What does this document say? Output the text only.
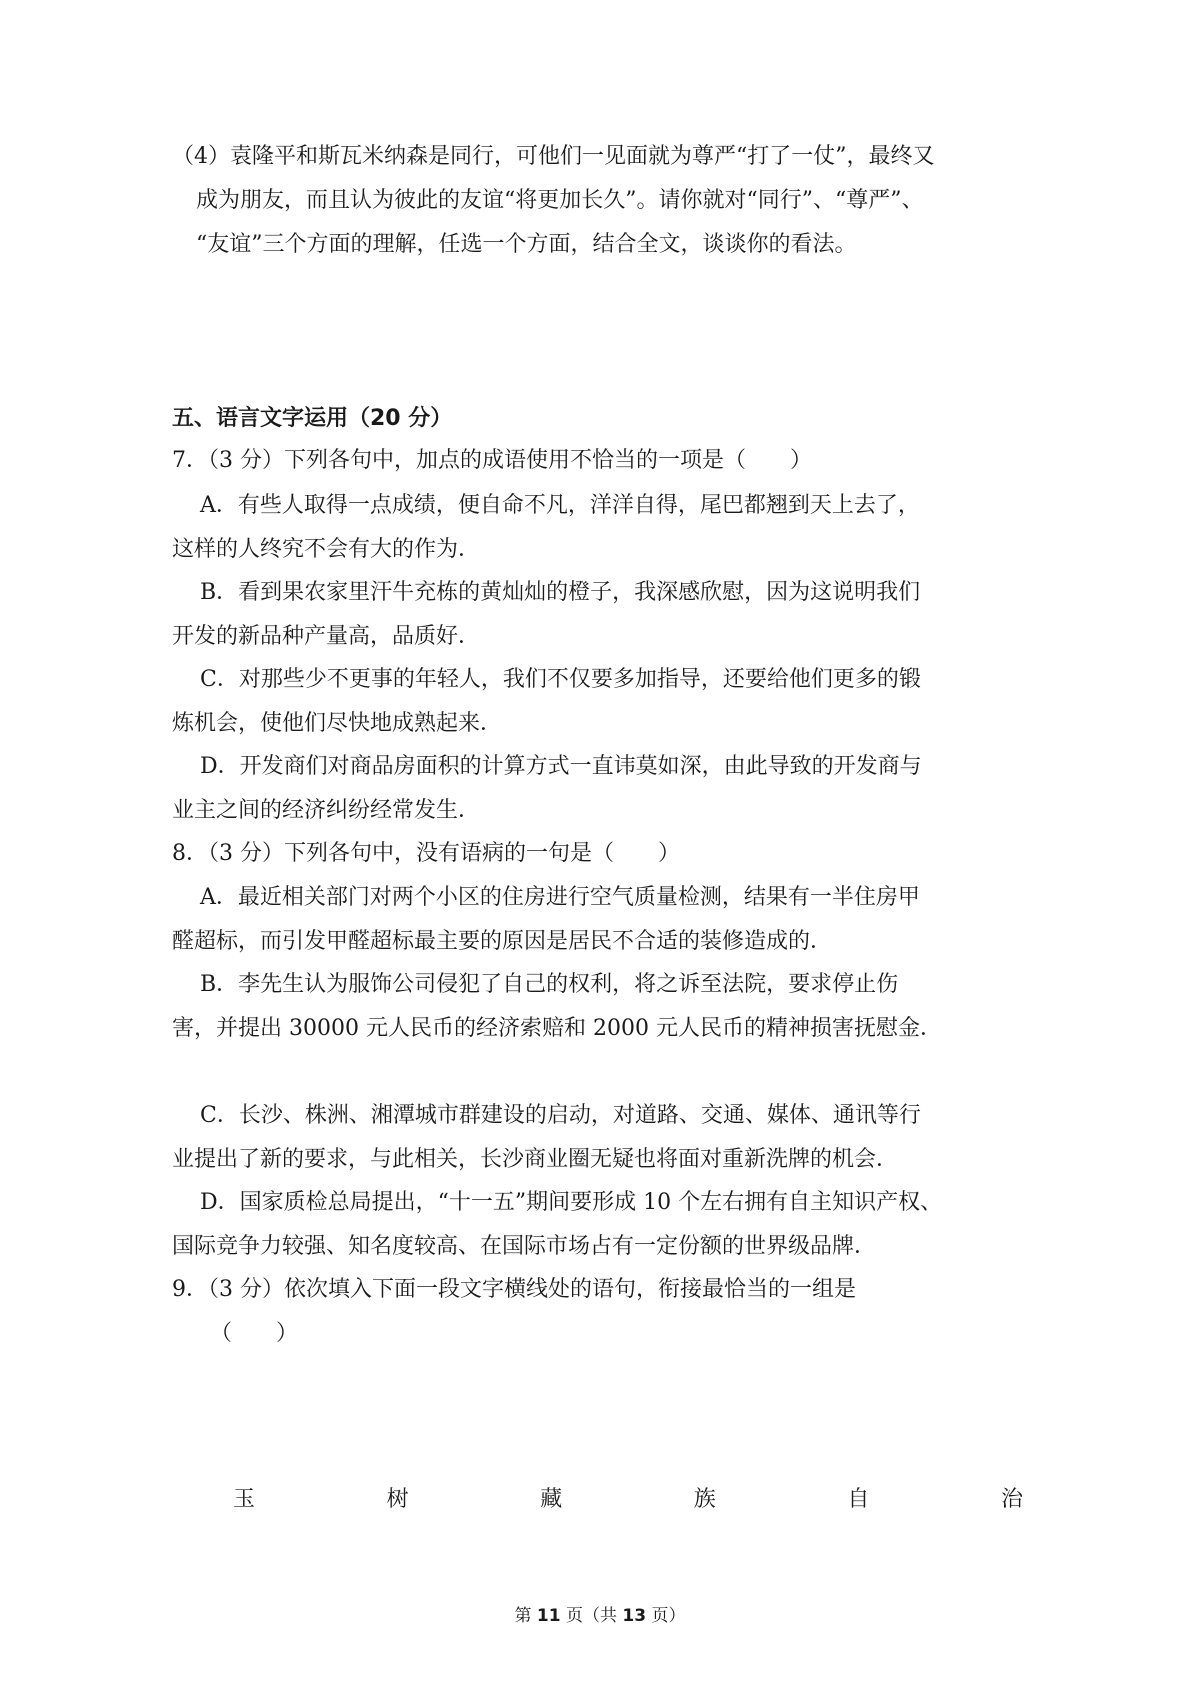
（4）袁隆平和斯瓦米纳森是同行，可他们一见面就为尊严“打了一仗”，最终又
成为朋友，而且认为彼此的友谊“将更加长久”。请你就对“同行”、“尊严”、
“友谊”三个方面的理解，任选一个方面，结合全文，谈谈你的看法。
五、语言文字运用（20 分）
7．（3 分）下列各句中，加点的成语使用不恰当的一项是（　　）
A．有些人取得一点成绩，便自命不凡，洋洋自得，尾巴都翘到天上去了，
这样的人终究不会有大的作为．
B．看到果农家里汗牛充栋的黄灿灿的橙子，我深感欣慰，因为这说明我们
开发的新品种产量高，品质好．
C．对那些少不更事的年轻人，我们不仅要多加指导，还要给他们更多的锻
炼机会，使他们尽快地成熟起来．
D．开发商们对商品房面积的计算方式一直讳莫如深，由此导致的开发商与
业主之间的经济纠纷经常发生．
8．（3 分）下列各句中，没有语病的一句是（　　）
A．最近相关部门对两个小区的住房进行空气质量检测，结果有一半住房甲
醛超标，而引发甲醛超标最主要的原因是居民不合适的装修造成的．
B．李先生认为服饰公司侵犯了自己的权利，将之诉至法院，要求停止伤
害，并提出 30000 元人民币的经济索赔和 2000 元人民币的精神损害抚慰金．
C．长沙、株洲、湘潭城市群建设的启动，对道路、交通、媒体、通讯等行
业提出了新的要求，与此相关，长沙商业圈无疑也将面对重新洗牌的机会．
D．国家质检总局提出，“十一五”期间要形成 10 个左右拥有自主知识产权、
国际竞争力较强、知名度较高、在国际市场占有一定份额的世界级品牌．
9．（3 分）依次填入下面一段文字横线处的语句，衔接最恰当的一组是
（　　）
玉	树	藏	族	自	治
第 11 页（共 13 页）
